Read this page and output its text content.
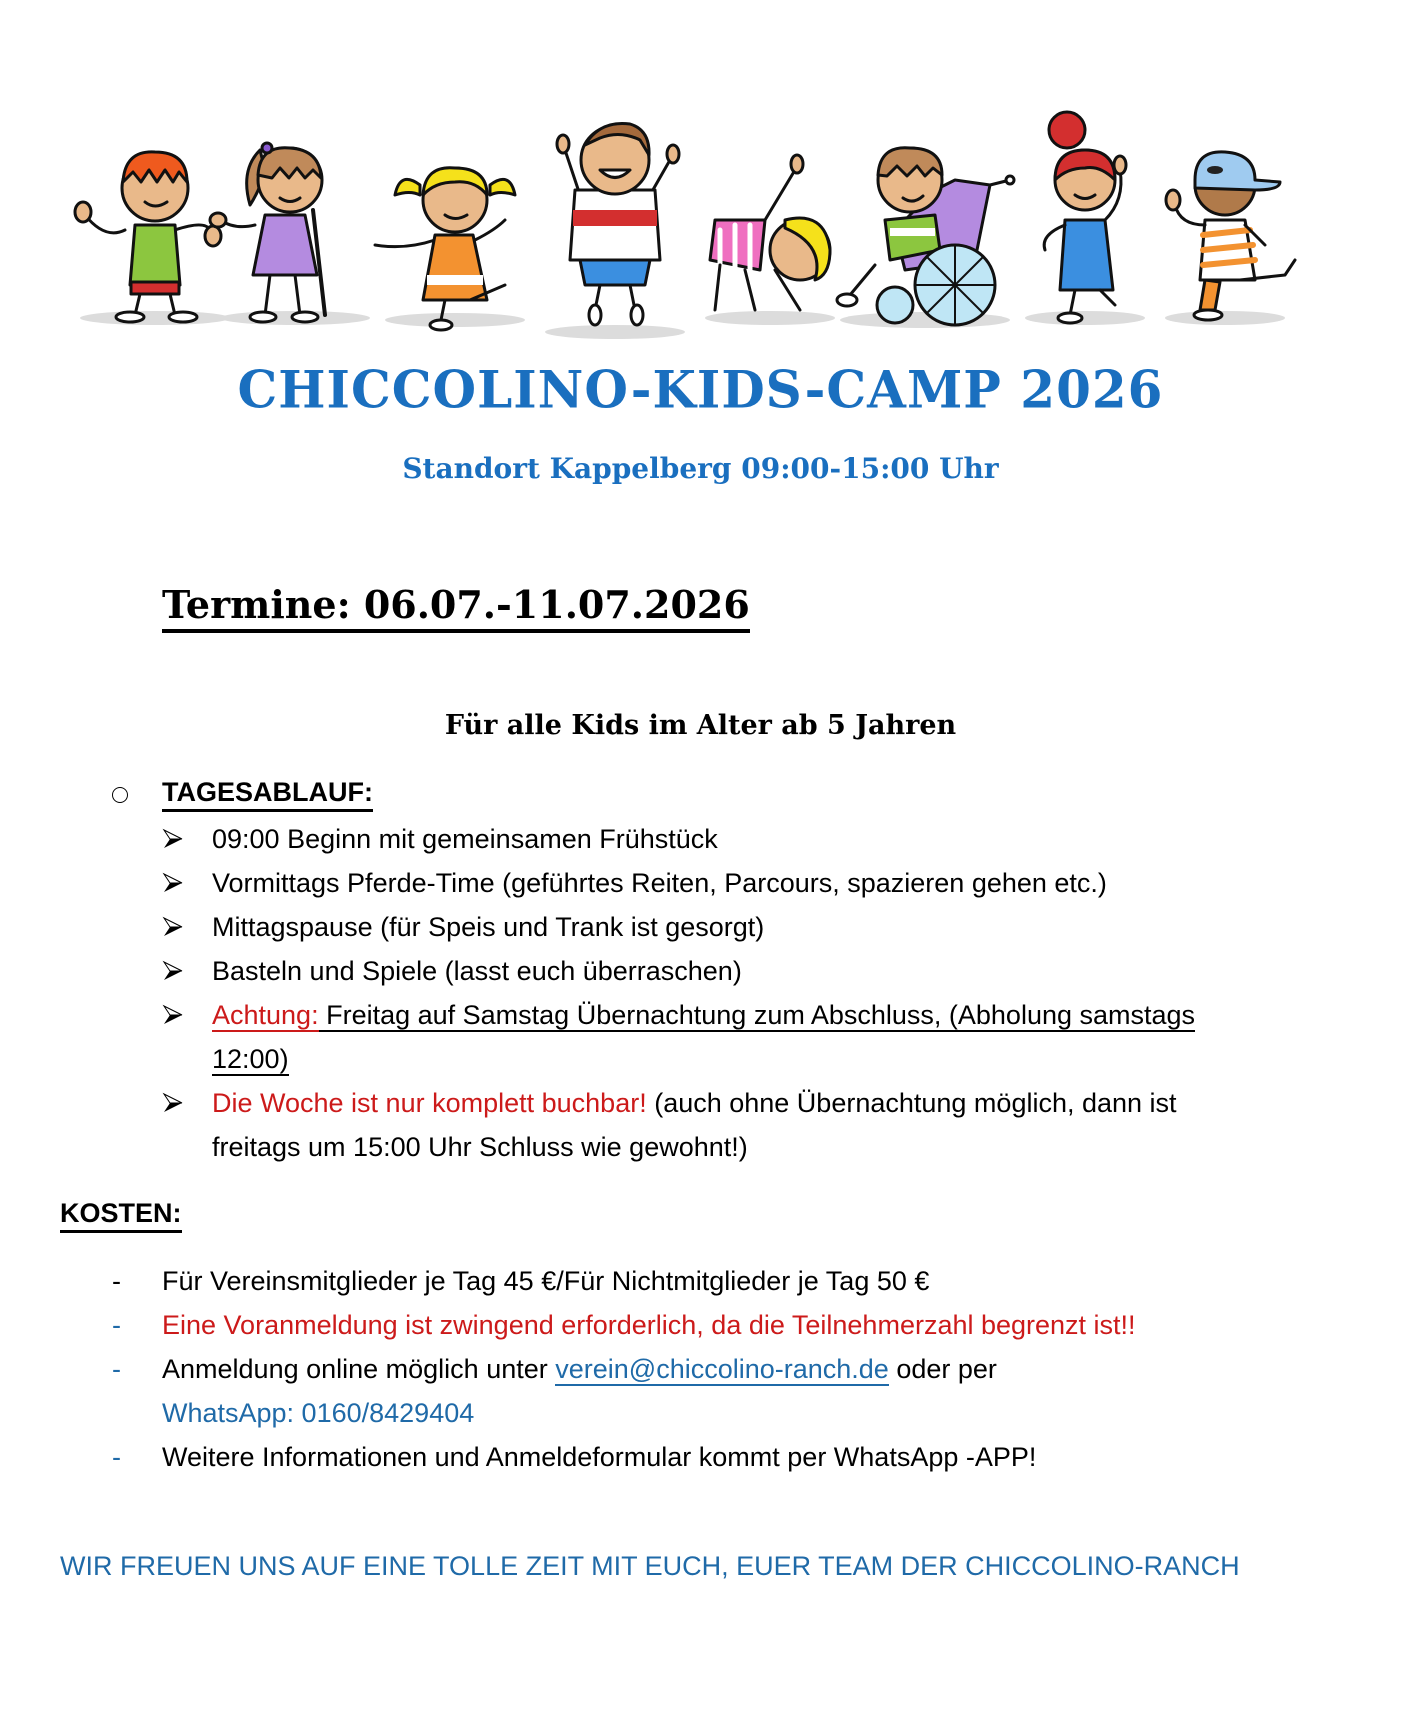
CHICCOLINO-KIDS-CAMP 2026
Standort Kappelberg 09:00-15:00 Uhr
Termine: 06.07.-11.07.2026
Für alle Kids im Alter ab 5 Jahren
TAGESABLAUF:
09:00 Beginn mit gemeinsamen Frühstück
Vormittags Pferde-Time (geführtes Reiten, Parcours, spazieren gehen etc.)
Mittagspause (für Speis und Trank ist gesorgt)
Basteln und Spiele (lasst euch überraschen)
Achtung: Freitag auf Samstag Übernachtung zum Abschluss, (Abholung samstags
12:00)
Die Woche ist nur komplett buchbar! (auch ohne Übernachtung möglich, dann ist
freitags um 15:00 Uhr Schluss wie gewohnt!)
KOSTEN:
- Für Vereinsmitglieder je Tag 45 €/Für Nichtmitglieder je Tag 50 €
- Eine Voranmeldung ist zwingend erforderlich, da die Teilnehmerzahl begrenzt ist!!
- Anmeldung online möglich unter verein@chiccolino-ranch.de oder per
WhatsApp: 0160/8429404
- Weitere Informationen und Anmeldeformular kommt per WhatsApp -APP!
WIR FREUEN UNS AUF EINE TOLLE ZEIT MIT EUCH, EUER TEAM DER CHICCOLINO-RANCH
